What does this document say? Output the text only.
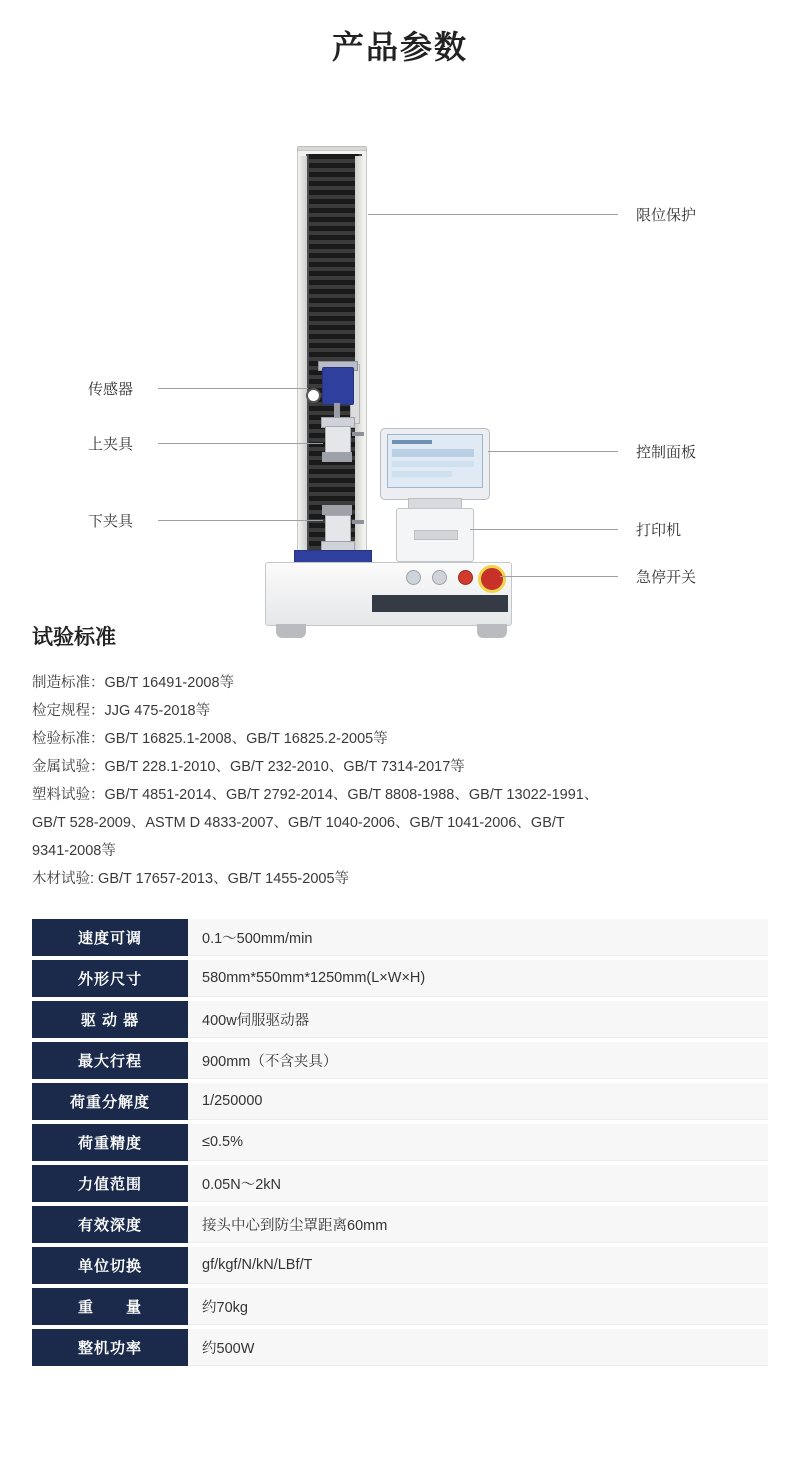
产品参数
限位保护
传感器
上夹具
下夹具
控制面板
打印机
急停开关
试验标准
制造标准：GB/T 16491-2008等
检定规程：JJG 475-2018等
检验标准：GB/T 16825.1-2008、GB/T 16825.2-2005等
金属试验：GB/T 228.1-2010、GB/T 232-2010、GB/T 7314-2017等
塑料试验：GB/T 4851-2014、GB/T 2792-2014、GB/T 8808-1988、GB/T 13022-1991、
GB/T 528-2009、ASTM D 4833-2007、GB/T 1040-2006、GB/T 1041-2006、GB/T
9341-2008等
木材试验: GB/T 17657-2013、GB/T 1455-2005等
速度可调	0.1～500mm/min
外形尺寸	580mm*550mm*1250mm(L×W×H)
驱 动 器	400w伺服驱动器
最大行程	900mm（不含夹具）
荷重分解度	1/250000
荷重精度	≤0.5%
力值范围	0.05N～2kN
有效深度	接头中心到防尘罩距离60mm
单位切换	gf/kgf/N/kN/LBf/T
重　　量	约70kg
整机功率	约500W
